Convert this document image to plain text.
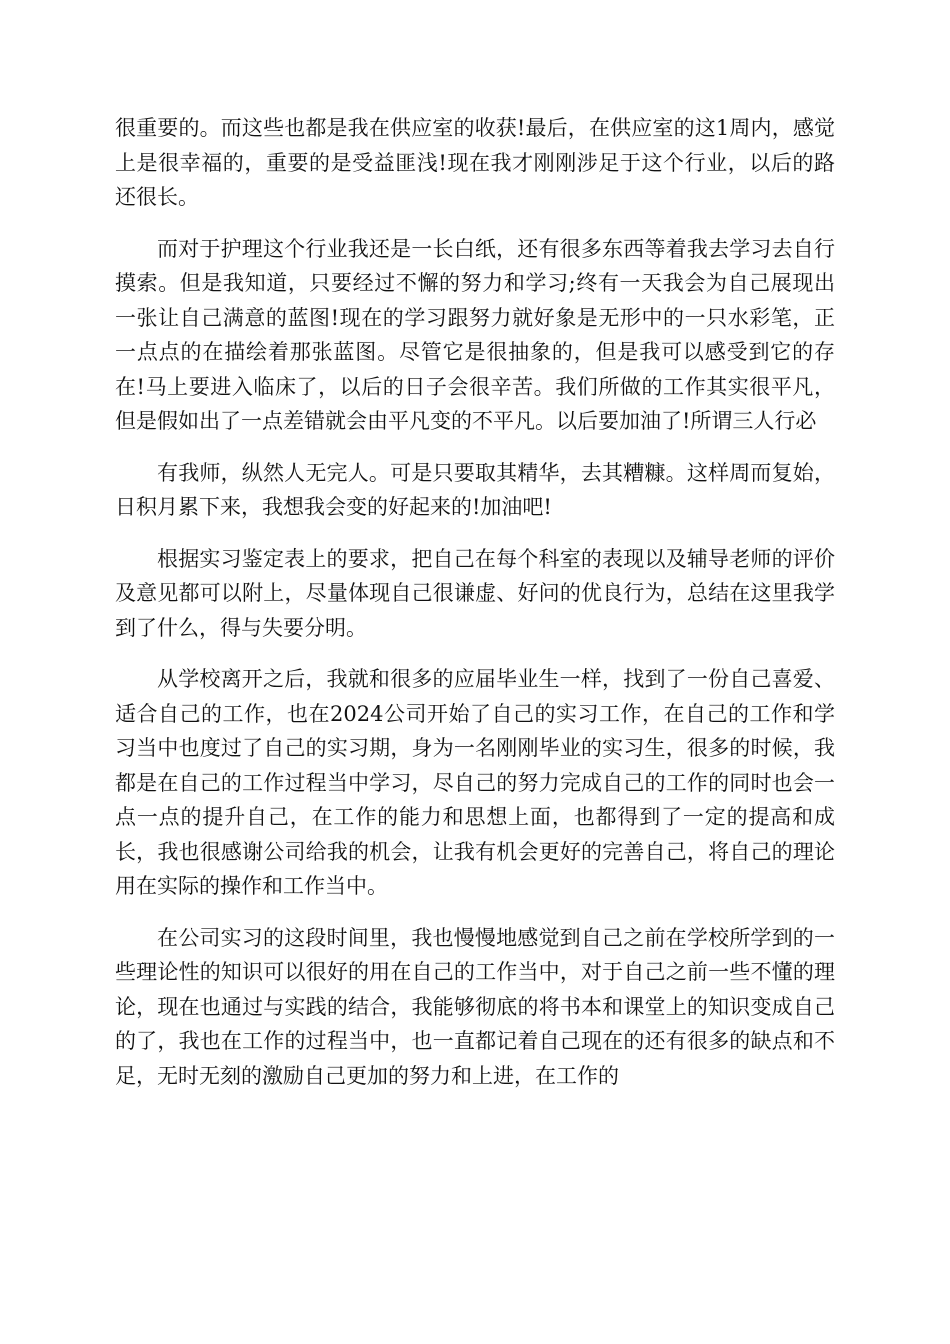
很重要的。而这些也都是我在供应室的收获!最后，在供应室的这1周内，感觉上是很幸福的，重要的是受益匪浅!现在我才刚刚涉足于这个行业，以后的路还很长。

而对于护理这个行业我还是一长白纸，还有很多东西等着我去学习去自行摸索。但是我知道，只要经过不懈的努力和学习;终有一天我会为自己展现出一张让自己满意的蓝图!现在的学习跟努力就好象是无形中的一只水彩笔，正一点点的在描绘着那张蓝图。尽管它是很抽象的，但是我可以感受到它的存在!马上要进入临床了，以后的日子会很辛苦。我们所做的工作其实很平凡，但是假如出了一点差错就会由平凡变的不平凡。以后要加油了!所谓三人行必

有我师，纵然人无完人。可是只要取其精华，去其糟糠。这样周而复始，日积月累下来，我想我会变的好起来的!加油吧!

根据实习鉴定表上的要求，把自己在每个科室的表现以及辅导老师的评价及意见都可以附上，尽量体现自己很谦虚、好问的优良行为，总结在这里我学到了什么，得与失要分明。

从学校离开之后，我就和很多的应届毕业生一样，找到了一份自己喜爱、适合自己的工作，也在2024公司开始了自己的实习工作，在自己的工作和学习当中也度过了自己的实习期，身为一名刚刚毕业的实习生，很多的时候，我都是在自己的工作过程当中学习，尽自己的努力完成自己的工作的同时也会一点一点的提升自己，在工作的能力和思想上面，也都得到了一定的提高和成长，我也很感谢公司给我的机会，让我有机会更好的完善自己，将自己的理论用在实际的操作和工作当中。

在公司实习的这段时间里，我也慢慢地感觉到自己之前在学校所学到的一些理论性的知识可以很好的用在自己的工作当中，对于自己之前一些不懂的理论，现在也通过与实践的结合，我能够彻底的将书本和课堂上的知识变成自己的了，我也在工作的过程当中，也一直都记着自己现在的还有很多的缺点和不足，无时无刻的激励自己更加的努力和上进，在工作的
